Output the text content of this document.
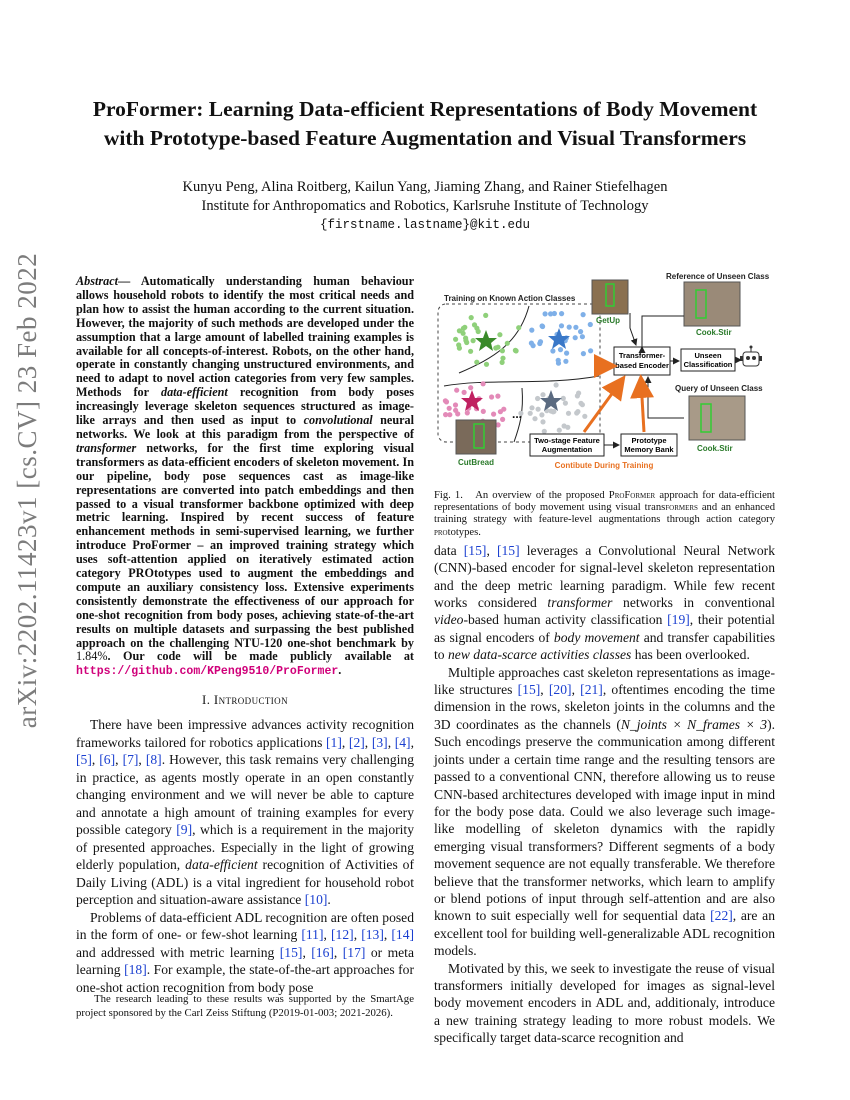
arXiv:2202.11423v1 [cs.CV] 23 Feb 2022
ProFormer: Learning Data-efficient Representations of Body Movement
with Prototype-based Feature Augmentation and Visual Transformers
Kunyu Peng, Alina Roitberg, Kailun Yang, Jiaming Zhang, and Rainer Stiefelhagen
Institute for Anthropomatics and Robotics, Karlsruhe Institute of Technology
{firstname.lastname}@kit.edu
Abstract— Automatically understanding human behaviour allows household robots to identify the most critical needs and plan how to assist the human according to the current situation. However, the majority of such methods are developed under the assumption that a large amount of labelled training examples is available for all concepts-of-interest. Robots, on the other hand, operate in constantly changing unstructured environments, and need to adapt to novel action categories from very few samples. Methods for data-efficient recognition from body poses increasingly leverage skeleton sequences structured as image-like arrays and then used as input to convolutional neural networks. We look at this paradigm from the perspective of transformer networks, for the first time exploring visual transformers as data-efficient encoders of skeleton movement. In our pipeline, body pose sequences cast as image-like representations are converted into patch embeddings and then passed to a visual transformer backbone optimized with deep metric learning. Inspired by recent success of feature enhancement methods in semi-supervised learning, we further introduce ProFormer – an improved training strategy which uses soft-attention applied on iteratively estimated action category PROtotypes used to augment the embeddings and compute an auxiliary consistency loss. Extensive experiments consistently demonstrate the effectiveness of our approach for one-shot recognition from body poses, achieving state-of-the-art results on multiple datasets and surpassing the best published approach on the challenging NTU-120 one-shot benchmark by 1.84%. Our code will be made publicly available at https://github.com/KPeng9510/ProFormer.
I. Introduction

There have been impressive advances activity recognition frameworks tailored for robotics applications [1], [2], [3], [4], [5], [6], [7], [8]. However, this task remains very challenging in practice, as agents mostly operate in an open constantly changing environment and we will never be able to capture and annotate a high amount of training examples for every possible category [9], which is a requirement in the majority of presented approaches. Especially in the light of growing elderly population, data-efficient recognition of Activities of Daily Living (ADL) is a vital ingredient for household robot perception and situation-aware assistance [10].

Problems of data-efficient ADL recognition are often posed in the form of one- or few-shot learning [11], [12], [13], [14] and addressed with metric learning [15], [16], [17] or meta learning [18]. For example, the state-of-the-art approaches for one-shot action recognition from body pose

The research leading to these results was supported by the SmartAge project sponsored by the Carl Zeiss Stiftung (P2019-01-003; 2021-2026).
Training on Known Action Classes
...
GetUp
CutBread
Reference of Unseen Class
Cook.Stir
Query of Unseen Class
Cook.Stir
Transformer-
based Encoder
Unseen
Classification
Two-stage Feature
Augmentation
Prototype
Memory Bank
Contibute During Training
Fig. 1. An overview of the proposed ProFormer approach for data-efficient representations of body movement using visual transformers and an enhanced training strategy with feature-level augmentations through action category prototypes.

data [15], [15] leverages a Convolutional Neural Network (CNN)-based encoder for signal-level skeleton representation and the deep metric learning paradigm. While few recent works considered transformer networks in conventional video-based human activity classification [19], their potential as signal encoders of body movement and transfer capabilities to new data-scarce activities classes has been overlooked.

Multiple approaches cast skeleton representations as image-like structures [15], [20], [21], oftentimes encoding the time dimension in the rows, skeleton joints in the columns and the 3D coordinates as the channels (N_joints × N_frames × 3). Such encodings preserve the communication among different joints under a certain time range and the resulting tensors are passed to a conventional CNN, therefore allowing us to reuse CNN-based architectures developed with image input in mind for the body pose data. Could we also leverage such image-like modelling of skeleton dynamics with the rapidly emerging visual transformers? Different segments of a body movement sequence are not equally transferable. We therefore believe that the transformer networks, which learn to amplify or blend potions of input through self-attention and are also known to suit especially well for sequential data [22], are an excellent tool for building well-generalizable ADL recognition models.

Motivated by this, we seek to investigate the reuse of visual transformers initially developed for images as signal-level body movement encoders in ADL and, additionaly, introduce a new training strategy leading to more robust models. We specifically target data-scarce recognition and
